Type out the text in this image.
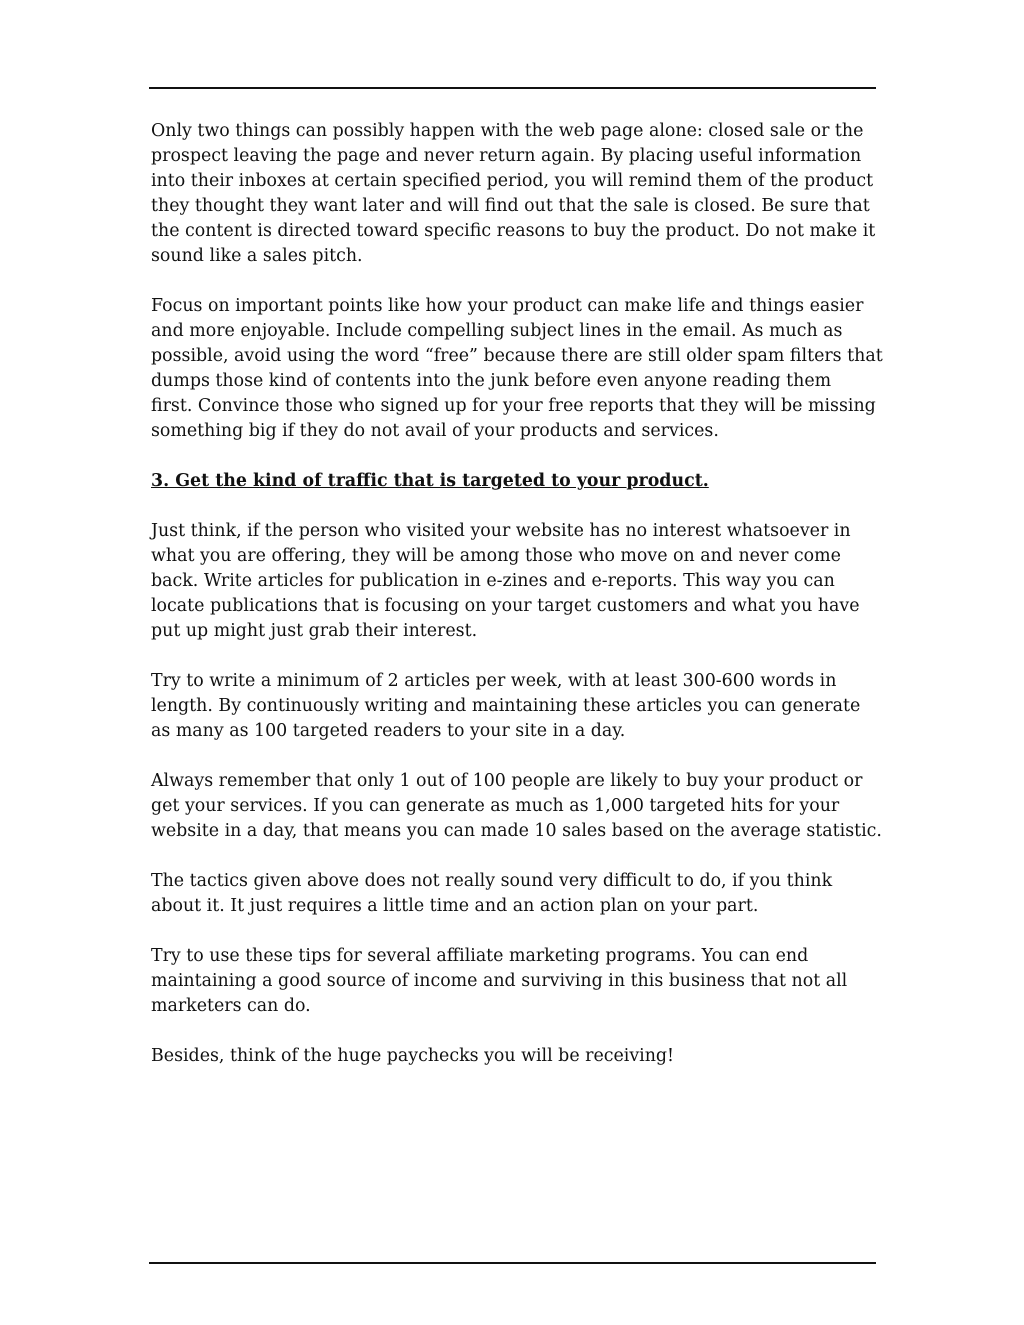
Only two things can possibly happen with the web page alone: closed sale or the
prospect leaving the page and never return again. By placing useful information
into their inboxes at certain specified period, you will remind them of the product
they thought they want later and will find out that the sale is closed. Be sure that
the content is directed toward specific reasons to buy the product. Do not make it
sound like a sales pitch.

Focus on important points like how your product can make life and things easier
and more enjoyable. Include compelling subject lines in the email. As much as
possible, avoid using the word “free” because there are still older spam filters that
dumps those kind of contents into the junk before even anyone reading them
first. Convince those who signed up for your free reports that they will be missing
something big if they do not avail of your products and services.

3. Get the kind of traffic that is targeted to your product.

Just think, if the person who visited your website has no interest whatsoever in
what you are offering, they will be among those who move on and never come
back. Write articles for publication in e-zines and e-reports. This way you can
locate publications that is focusing on your target customers and what you have
put up might just grab their interest.

Try to write a minimum of 2 articles per week, with at least 300-600 words in
length. By continuously writing and maintaining these articles you can generate
as many as 100 targeted readers to your site in a day.

Always remember that only 1 out of 100 people are likely to buy your product or
get your services. If you can generate as much as 1,000 targeted hits for your
website in a day, that means you can made 10 sales based on the average statistic.

The tactics given above does not really sound very difficult to do, if you think
about it. It just requires a little time and an action plan on your part.

Try to use these tips for several affiliate marketing programs. You can end
maintaining a good source of income and surviving in this business that not all
marketers can do.

Besides, think of the huge paychecks you will be receiving!
